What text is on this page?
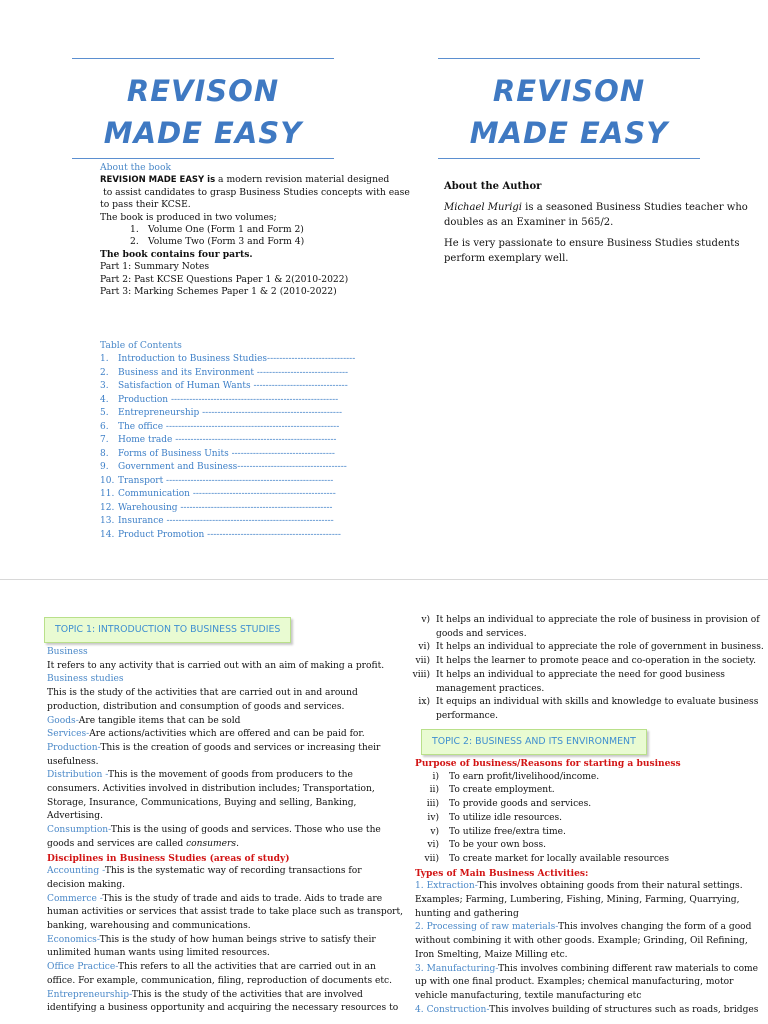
REVISON
MADE EASY
About the book
REVISION MADE EASY is a modern revision material designed
to assist candidates to grasp Business Studies concepts with ease
to pass their KCSE.
The book is produced in two volumes;
1. Volume One (Form 1 and Form 2)
2. Volume Two (Form 3 and Form 4)
The book contains four parts.
Part 1: Summary Notes
Part 2: Past KCSE Questions Paper 1 & 2(2010-2022)
Part 3: Marking Schemes Paper 1 & 2 (2010-2022)
Table of Contents
1. Introduction to Business Studies-----------------------------
2. Business and its Environment ------------------------------
3. Satisfaction of Human Wants -------------------------------
4. Production -------------------------------------------------------
5. Entrepreneurship ----------------------------------------------
6. The office ---------------------------------------------------------
7. Home trade -----------------------------------------------------
8. Forms of Business Units ----------------------------------
9. Government and Business------------------------------------
10. Transport -------------------------------------------------------
11. Communication -----------------------------------------------
12. Warehousing --------------------------------------------------
13. Insurance -------------------------------------------------------
14. Product Promotion --------------------------------------------
REVISON
MADE EASY
About the Author
Michael Murigi is a seasoned Business Studies teacher who
doubles as an Examiner in 565/2.
He is very passionate to ensure Business Studies students
perform exemplary well.
TOPIC 1: INTRODUCTION TO BUSINESS STUDIES
Business
It refers to any activity that is carried out with an aim of making a profit.
Business studies
This is the study of the activities that are carried out in and around
production, distribution and consumption of goods and services.
Goods-Are tangible items that can be sold
Services-Are actions/activities which are offered and can be paid for.
Production-This is the creation of goods and services or increasing their
usefulness.
Distribution -This is the movement of goods from producers to the
consumers. Activities involved in distribution includes; Transportation,
Storage, Insurance, Communications, Buying and selling, Banking,
Advertising.
Consumption-This is the using of goods and services. Those who use the
goods and services are called consumers.
Disciplines in Business Studies (areas of study)
Accounting -This is the systematic way of recording transactions for
decision making.
Commerce -This is the study of trade and aids to trade. Aids to trade are
human activities or services that assist trade to take place such as transport,
banking, warehousing and communications.
Economics-This is the study of how human beings strive to satisfy their
unlimited human wants using limited resources.
Office Practice-This refers to all the activities that are carried out in an
office. For example, communication, filing, reproduction of documents etc.
Entrepreneurship-This is the study of the activities that are involved
identifying a business opportunity and acquiring the necessary resources to
v) It helps an individual to appreciate the role of business in provision of
goods and services.
vi) It helps an individual to appreciate the role of government in business.
vii) It helps the learner to promote peace and co-operation in the society.
viii) It helps an individual to appreciate the need for good business
management practices.
ix) It equips an individual with skills and knowledge to evaluate business
performance.
TOPIC 2: BUSINESS AND ITS ENVIRONMENT
Purpose of business/Reasons for starting a business
i) To earn profit/livelihood/income.
ii) To create employment.
iii) To provide goods and services.
iv) To utilize idle resources.
v) To utilize free/extra time.
vi) To be your own boss.
vii) To create market for locally available resources
Types of Main Business Activities:
1. Extraction-This involves obtaining goods from their natural settings.
Examples; Farming, Lumbering, Fishing, Mining, Farming, Quarrying,
hunting and gathering
2. Processing of raw materials-This involves changing the form of a good
without combining it with other goods. Example; Grinding, Oil Refining,
Iron Smelting, Maize Milling etc.
3. Manufacturing-This involves combining different raw materials to come
up with one final product. Examples; chemical manufacturing, motor
vehicle manufacturing, textile manufacturing etc
4. Construction-This involves building of structures such as roads, bridges
